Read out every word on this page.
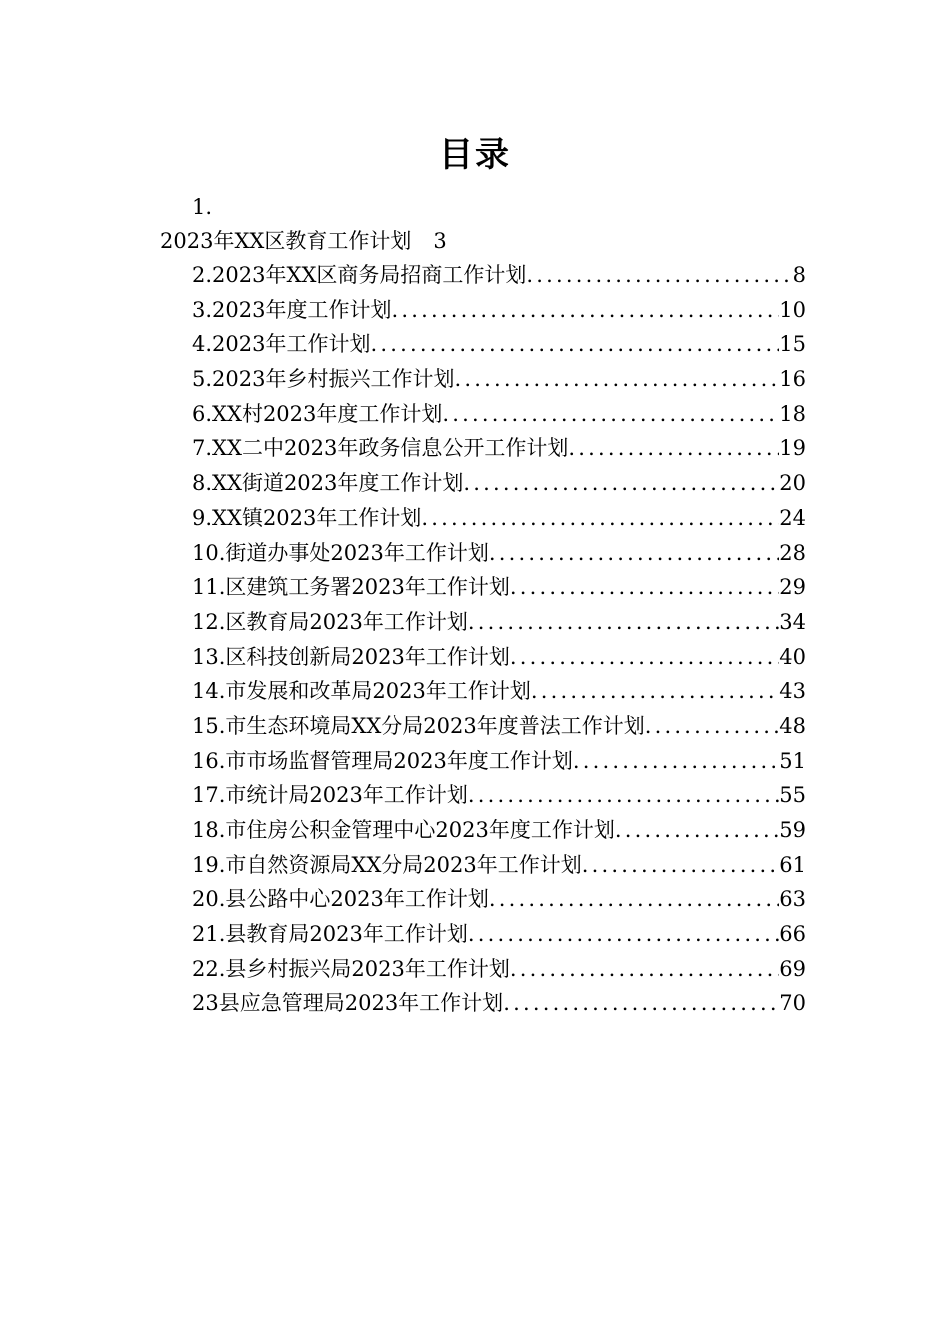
目录
1.
2023年XX区教育工作计划 3
2. 2023年XX区商务局招商工作计划 .....	8
3. 2023年度工作计划 .....	10
4. 2023年工作计划 .....	15
5. 2023年乡村振兴工作计划 .....	16
6. XX村2023年度工作计划 .....	18
7. XX二中2023年政务信息公开工作计划 .....	19
8. XX街道2023年度工作计划 .....	20
9. XX镇2023年工作计划 .....	24
10. 街道办事处2023年工作计划 .....	28
11. 区建筑工务署2023年工作计划 .....	29
12. 区教育局2023年工作计划 .....	34
13. 区科技创新局2023年工作计划 .....	40
14. 市发展和改革局2023年工作计划 .....	43
15. 市生态环境局XX分局2023年度普法工作计划 .....	48
16. 市市场监督管理局2023年度工作计划 .....	51
17. 市统计局2023年工作计划 .....	55
18. 市住房公积金管理中心2023年度工作计划 .....	59
19. 市自然资源局XX分局2023年工作计划 .....	61
20. 县公路中心2023年工作计划 .....	63
21. 县教育局2023年工作计划 .....	66
22. 县乡村振兴局2023年工作计划 .....	69
23 县应急管理局2023年工作计划 .....	70
